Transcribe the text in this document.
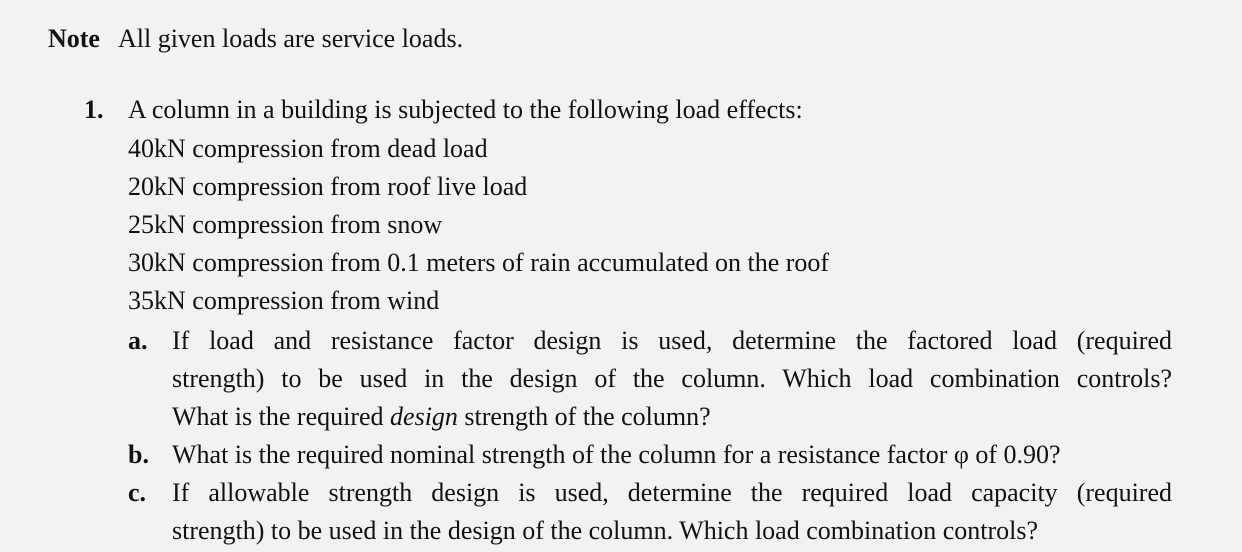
Note All given loads are service loads.
1. A column in a building is subjected to the following load effects:
40kN compression from dead load
20kN compression from roof live load
25kN compression from snow
30kN compression from 0.1 meters of rain accumulated on the roof
35kN compression from wind
a. If load and resistance factor design is used, determine the factored load (required
strength) to be used in the design of the column. Which load combination controls?
What is the required design strength of the column?
b. What is the required nominal strength of the column for a resistance factor φ of 0.90?
c. If allowable strength design is used, determine the required load capacity (required
strength) to be used in the design of the column. Which load combination controls?
